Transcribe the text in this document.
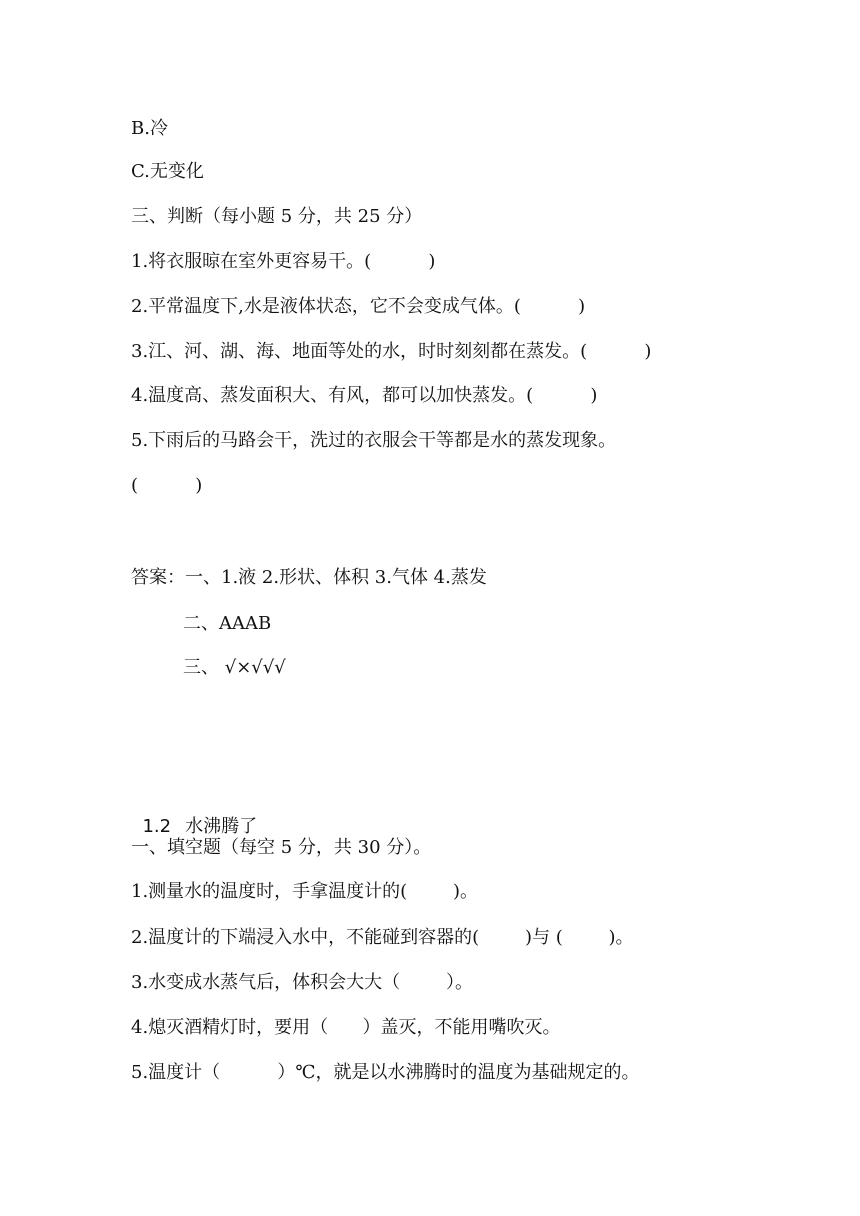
B.冷
C.无变化
三、判断（每小题 5 分，共 25 分）
1.将衣服晾在室外更容易干。(          )
2.平常温度下,水是液体状态，它不会变成气体。(          )
3.江、河、湖、海、地面等处的水，时时刻刻都在蒸发。(          )
4.温度高、蒸发面积大、有风，都可以加快蒸发。(          )
5.下雨后的马路会干，洗过的衣服会干等都是水的蒸发现象。
(          )
答案：一、1.液 2.形状、体积 3.气体 4.蒸发
二、AAAB
三、 √×√√√

1.2 水沸腾了

一、填空题（每空 5 分，共 30 分）。
1.测量水的温度时，手拿温度计的(        )。
2.温度计的下端浸入水中，不能碰到容器的(        )与 (        )。
3.水变成水蒸气后，体积会大大（        ）。
4.熄灭酒精灯时，要用（      ）盖灭，不能用嘴吹灭。
5.温度计（          ）℃，就是以水沸腾时的温度为基础规定的。
